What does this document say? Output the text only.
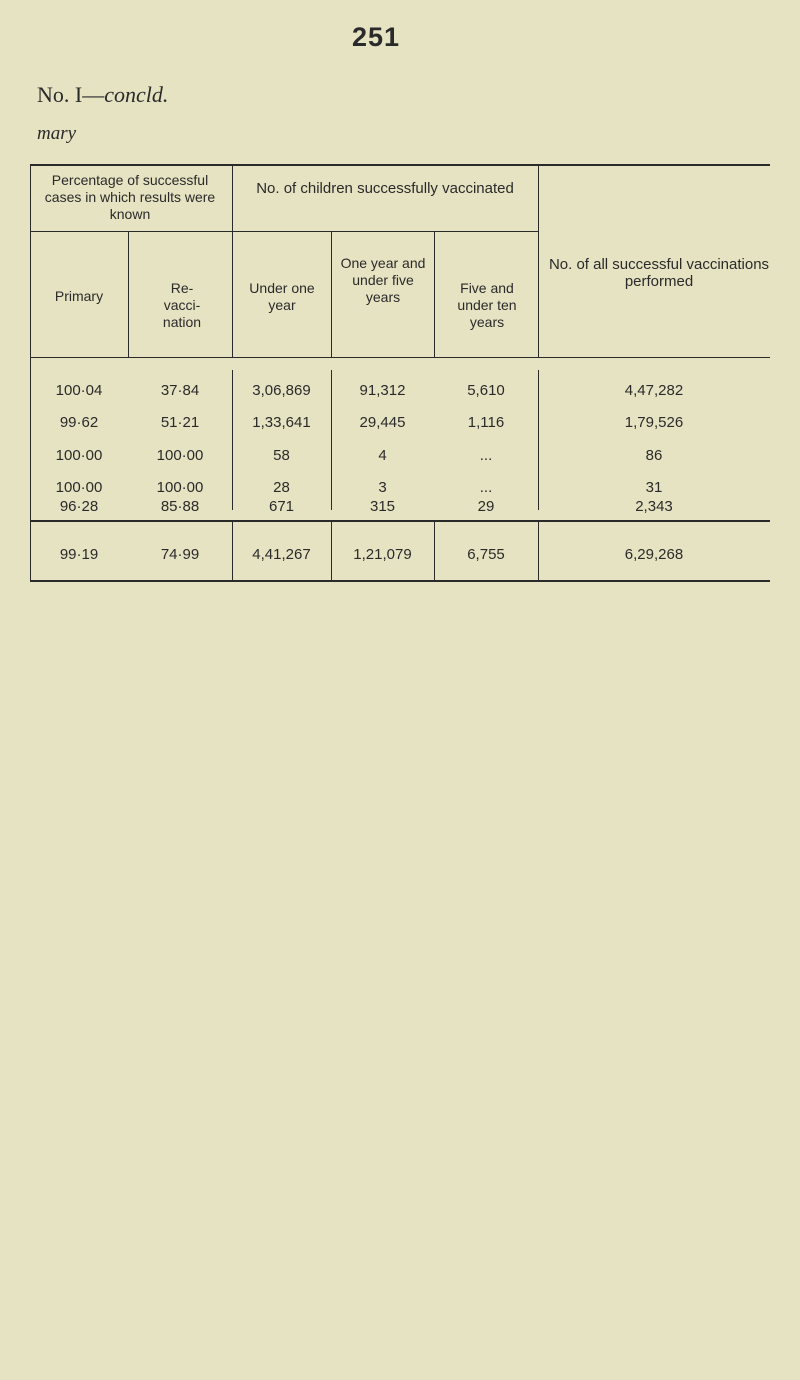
251
No. I—concld.
mary
Percentage of successful cases in which results were known
No. of children successfully vaccinated
No. of all successful vaccinations performed
Primary	Re-vacci- nation
Under one year
One year and under five years
Five and under ten years
100·04	37·84	3,06,869	91,312	5,610	4,47,282
99·62	51·21	1,33,641	29,445	1,116	1,79,526
100·00	100·00	58	4	...	86
100·00	100·00	28	3	...	31
96·28	85·88	671	315	29	2,343
99·19	74·99	4,41,267	1,21,079	6,755	6,29,268
